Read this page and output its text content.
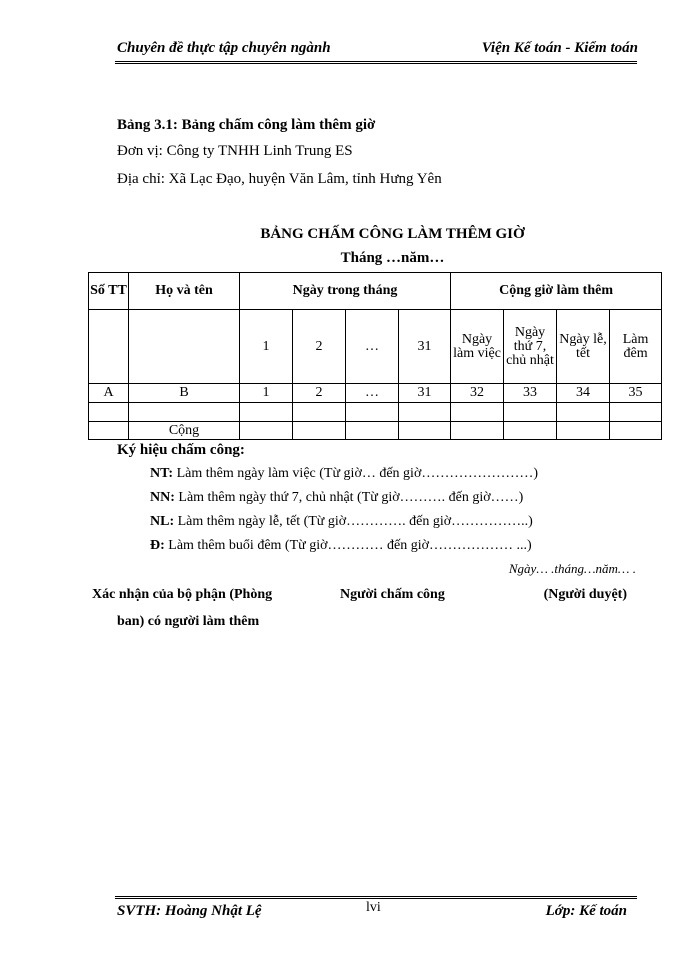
Chuyên đề thực tập chuyên ngành	Viện Kế toán - Kiểm toán
Bảng 3.1: Bảng chấm công làm thêm giờ
Đơn vị: Công ty TNHH Linh Trung ES
Địa chỉ: Xã Lạc Đạo, huyện Văn Lâm, tỉnh Hưng Yên
BẢNG CHẤM CÔNG LÀM THÊM GIỜ
Tháng …năm…
Số TT	Họ và tên	Ngày trong tháng				Cộng giờ làm thêm			
		1	2	…	31	Ngày làm việc	Ngày thứ 7, chủ nhật	Ngày lễ, tết	Làm đêm
A	B	1	2	…	31	32	33	34	35

	Cộng								
Ký hiệu chấm công:
NT: Làm thêm ngày làm việc (Từ giờ… đến giờ……………………)
NN: Làm thêm ngày thứ 7, chủ nhật (Từ giờ………. đến giờ……)
NL: Làm thêm ngày lễ, tết (Từ giờ…………. đến giờ……………..)
Đ: Làm thêm buổi đêm (Từ giờ………… đến giờ……………… ...)
Ngày… .tháng…năm… .
Xác nhận của bộ phận (Phòng
ban) có người làm thêm
Người chấm công	(Người duyệt)
SVTH: Hoàng Nhật Lệ	lvi	Lớp: Kế toán
